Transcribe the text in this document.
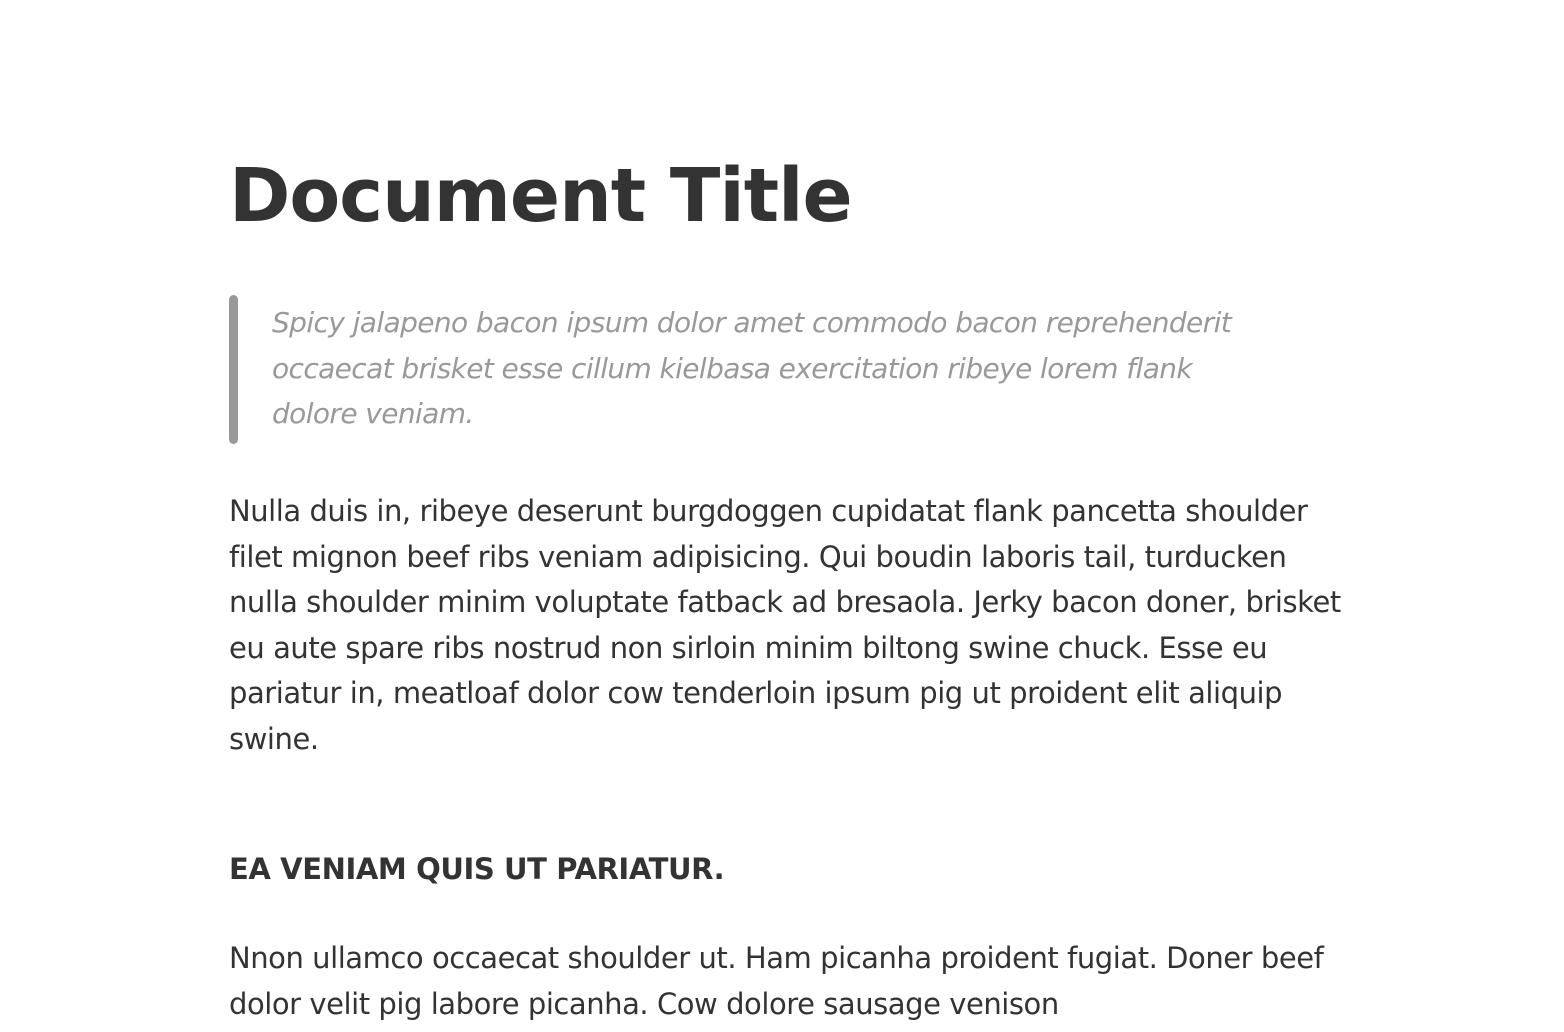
Document Title

Spicy jalapeno bacon ipsum dolor amet commodo bacon reprehenderit occaecat brisket esse cillum kielbasa exercitation ribeye lorem flank dolore veniam.

Nulla duis in, ribeye deserunt burgdoggen cupidatat flank pancetta shoulder filet mignon beef ribs veniam adipisicing. Qui boudin laboris tail, turducken nulla shoulder minim voluptate fatback ad bresaola. Jerky bacon doner, brisket eu aute spare ribs nostrud non sirloin minim biltong swine chuck. Esse eu pariatur in, meatloaf dolor cow tenderloin ipsum pig ut proident elit aliquip swine.

EA VENIAM QUIS UT PARIATUR.

Nnon ullamco occaecat shoulder ut. Ham picanha proident fugiat. Doner beef dolor velit pig labore picanha. Cow dolore sausage venison
